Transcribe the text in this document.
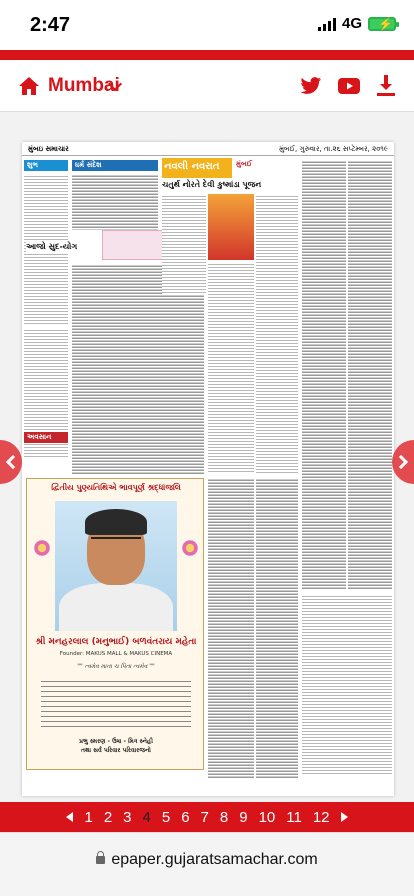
2:47	4G ⚡
Mumbai
મુંબઇ સમાચાર	મુંબઈ, ગુરુવાર, તા.૨૬ સપ્ટેમ્બર, ૨૦૧૯
શુભ
આજો સુદ-યોગ
અવસાન
ધર્મ સંદેશ	નવલી નવરાત મુંબઈ
ચતુર્થ નોરતે દેવી કુષ્માંડા પૂજન
દ્વિતીય પુણ્યતિથિએ ભાવપૂર્ણ શ્રદ્ધાંજલિ
શ્રી મનહરલાલ (મનુભાઈ) બળવંતરાય મહેતા
Founder: MAKUS MALL & MAKUS CINEMA
"" ત્વમેવ માતા ચ પિતા ત્વમેવ ""
પ્રભુ સ્મરણ - ઉષા - મિત્ર સ્નેહી
તથા સર્વ પરિવાર પરિવારજનો
1 2 3 4 5 6 7 8 9 10 11 12
epaper.gujaratsamachar.com
